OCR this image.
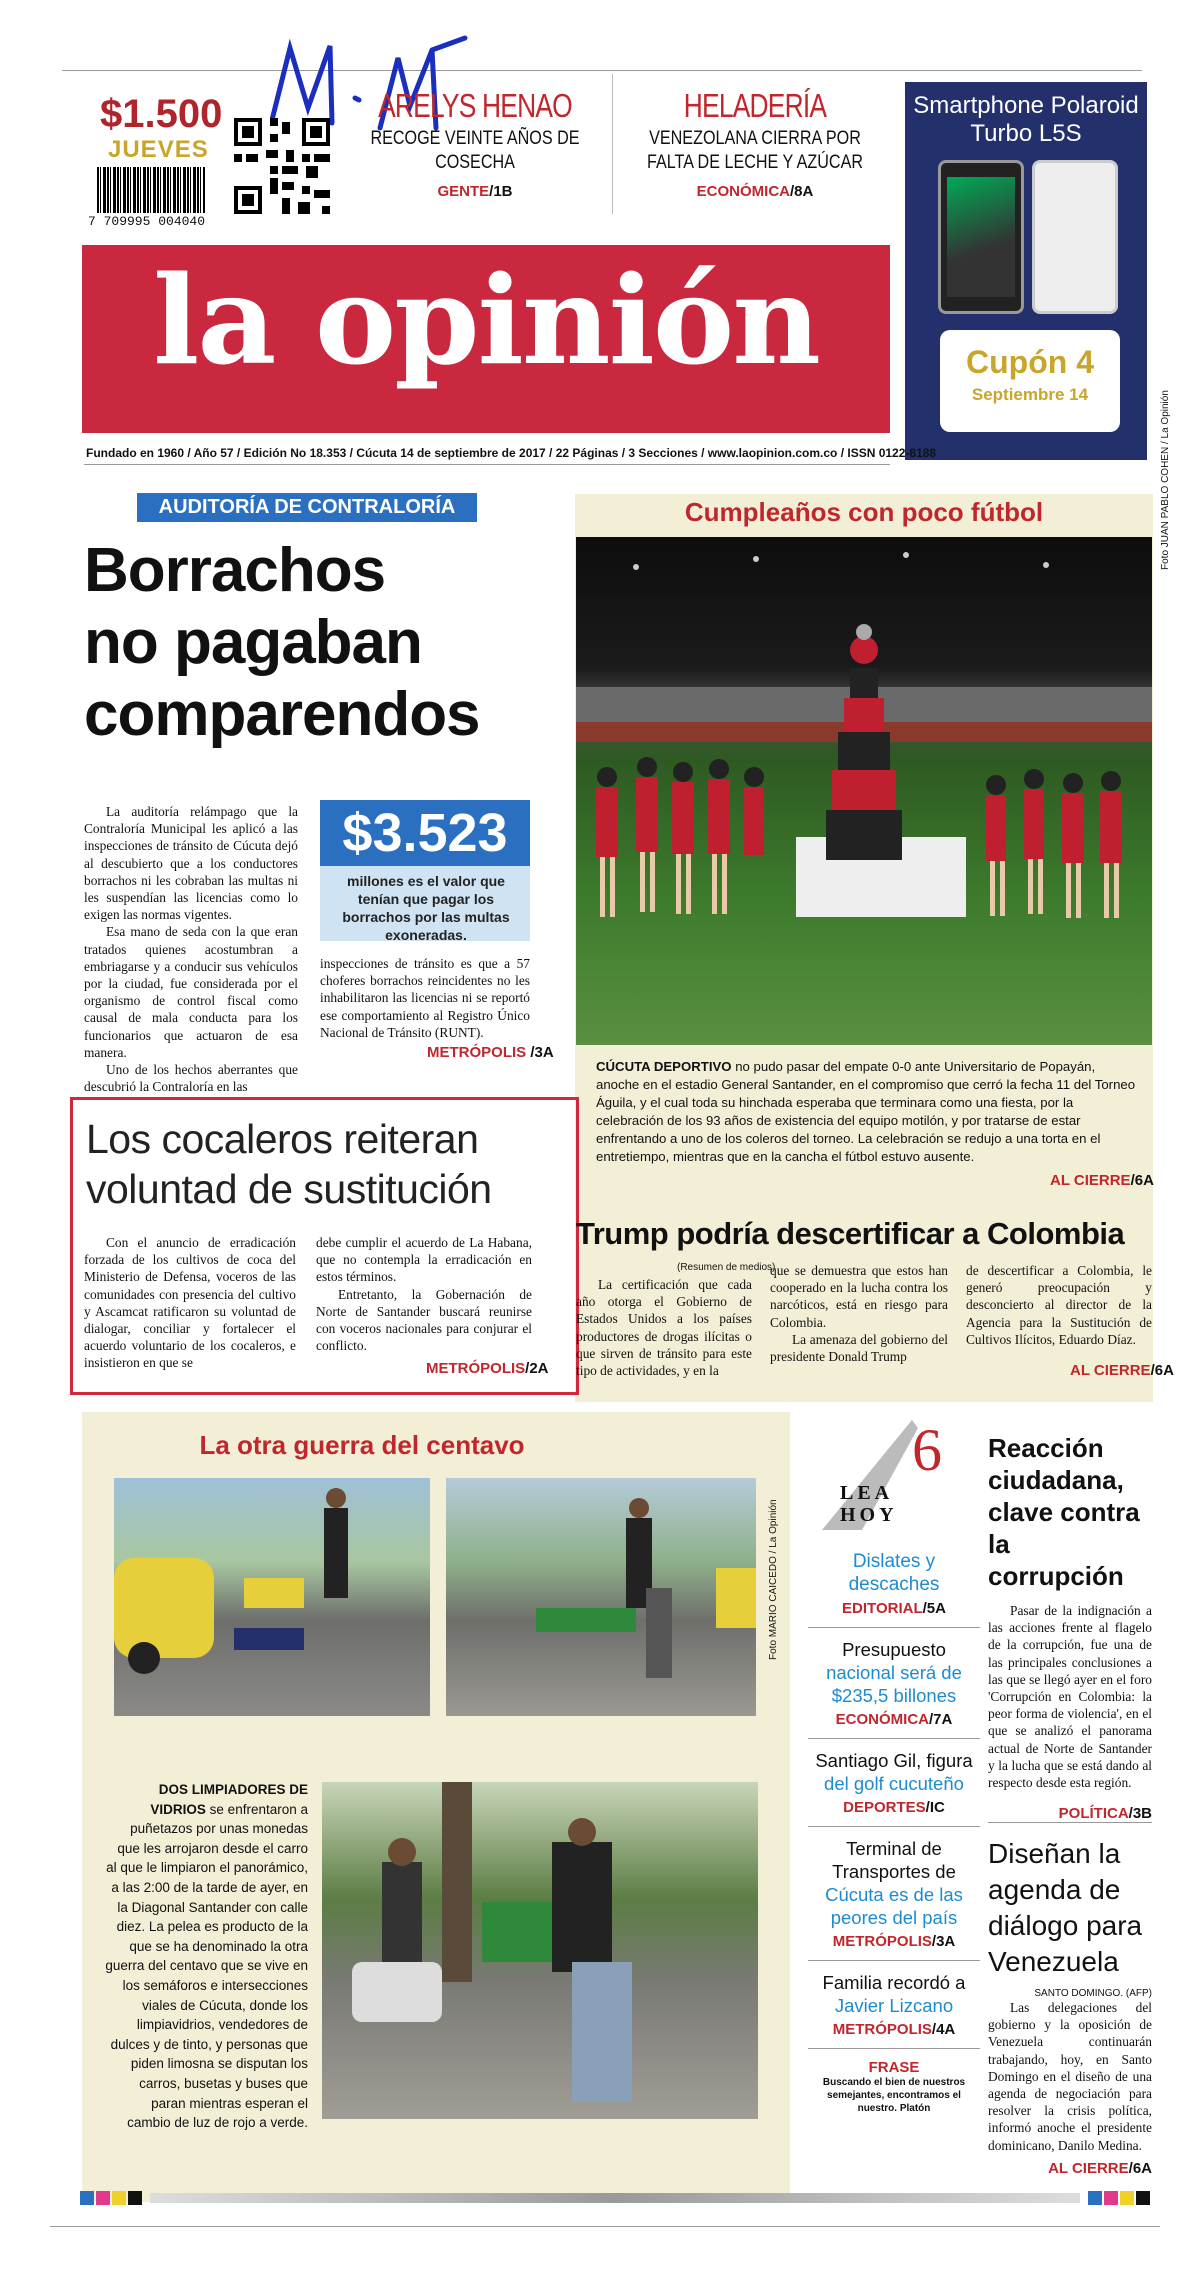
$1.500
JUEVES
7 709995 004040
ARELYS HENAO
RECOGE VEINTE AÑOS DE COSECHA
GENTE/1B
HELADERÍA
VENEZOLANA CIERRA POR FALTA DE LECHE Y AZÚCAR
ECONÓMICA/8A
Smartphone Polaroid Turbo L5S
Cupón 4
Septiembre 14
la opinión
Fundado en 1960 / Año 57 / Edición No 18.353 / Cúcuta 14 de septiembre de 2017 / 22 Páginas / 3 Secciones / www.laopinion.com.co / ISSN 0122-8188
AUDITORÍA DE CONTRALORÍA
Borrachos
no pagaban
comparendos

La auditoría relámpago que la Contraloría Municipal les aplicó a las inspecciones de tránsito de Cúcuta dejó al descubierto que a los conductores borrachos ni les cobraban las multas ni les suspendían las licencias como lo exigen las normas vigentes.

Esa mano de seda con la que eran tratados quienes acostumbran a embriagarse y a conducir sus vehículos por la ciudad, fue considerada por el organismo de control fiscal como causal de mala conducta para los funcionarios que actuaron de esa manera.

Uno de los hechos aberrantes que descubrió la Contraloría en las

$3.523
millones es el valor que tenían que pagar los borrachos por las multas exoneradas.
inspecciones de tránsito es que a 57 choferes borrachos reincidentes no les inhabilitaron las licencias ni se reportó ese comportamiento al Registro Único Nacional de Tránsito (RUNT).
METRÓPOLIS /3A
Cumpleaños con poco fútbol	Foto JUAN PABLO COHEN / La Opinión
CÚCUTA DEPORTIVO no pudo pasar del empate 0-0 ante Universitario de Popayán, anoche en el estadio General Santander, en el compromiso que cerró la fecha 11 del Torneo Águila, y el cual toda su hinchada esperaba que terminara como una fiesta, por la celebración de los 93 años de existencia del equipo motilón, y por tratarse de estar enfrentando a uno de los coleros del torneo. La celebración se redujo a una torta en el entretiempo, mientras que en la cancha el fútbol estuvo ausente.
AL CIERRE/6A
Los cocaleros reiteran
voluntad de sustitución

Con el anuncio de erradicación forzada de los cultivos de coca del Ministerio de Defensa, voceros de las comunidades con presencia del cultivo y Ascamcat ratificaron su voluntad de dialogar, conciliar y fortalecer el acuerdo voluntario de los cocaleros, e insistieron en que se

debe cumplir el acuerdo de La Habana, que no contempla la erradicación en estos términos.

Entretanto, la Gobernación de Norte de Santander buscará reunirse con voceros nacionales para conjurar el conflicto.

METRÓPOLIS/2A
Trump podría descertificar a Colombia
(Resumen de medios)

La certificación que cada año otorga el Gobierno de Estados Unidos a los países productores de drogas ilícitas o que sirven de tránsito para este tipo de actividades, y en la

que se demuestra que estos han cooperado en la lucha contra los narcóticos, está en riesgo para Colombia.

La amenaza del gobierno del presidente Donald Trump

de descertificar a Colombia, le generó preocupación y desconcierto al director de la Agencia para la Sustitución de Cultivos Ilícitos, Eduardo Díaz.

AL CIERRE/6A
La otra guerra del centavo
Foto MARIO CAICEDO / La Opinión
DOS LIMPIADORES DE VIDRIOS se enfrentaron a puñetazos por unas monedas que les arrojaron desde el carro al que le limpiaron el panorámico, a las 2:00 de la tarde de ayer, en la Diagonal Santander con calle diez. La pelea es producto de la que se ha denominado la otra guerra del centavo que se vive en los semáforos e intersecciones viales de Cúcuta, donde los limpiavidrios, vendedores de dulces y de tinto, y personas que piden limosna se disputan los carros, busetas y buses que paran mientras esperan el cambio de luz de rojo a verde.
6
LEA
HOY
Dislates y descaches
EDITORIAL/5A
Presupuesto
nacional será de $235,5 billones
ECONÓMICA/7A
Santiago Gil, figura
del golf cucuteño
DEPORTES/IC
Terminal de Transportes de
Cúcuta es de las peores del país
METRÓPOLIS/3A
Familia recordó a
Javier Lizcano
METRÓPOLIS/4A
FRASE
Buscando el bien de nuestros semejantes, encontramos el nuestro. Platón
Reacción ciudadana, clave contra la corrupción

Pasar de la indignación a las acciones frente al flagelo de la corrupción, fue una de las principales conclusiones a las que se llegó ayer en el foro 'Corrupción en Colombia: la peor forma de violencia', en el que se analizó el panorama actual de Norte de Santander y la lucha que se está dando al respecto desde esta región.

POLÍTICA/3B
Diseñan la agenda de diálogo para Venezuela
SANTO DOMINGO. (AFP)

Las delegaciones del gobierno y la oposición de Venezuela continuarán trabajando, hoy, en Santo Domingo en el diseño de una agenda de negociación para resolver la crisis política, informó anoche el presidente dominicano, Danilo Medina.

AL CIERRE/6A
